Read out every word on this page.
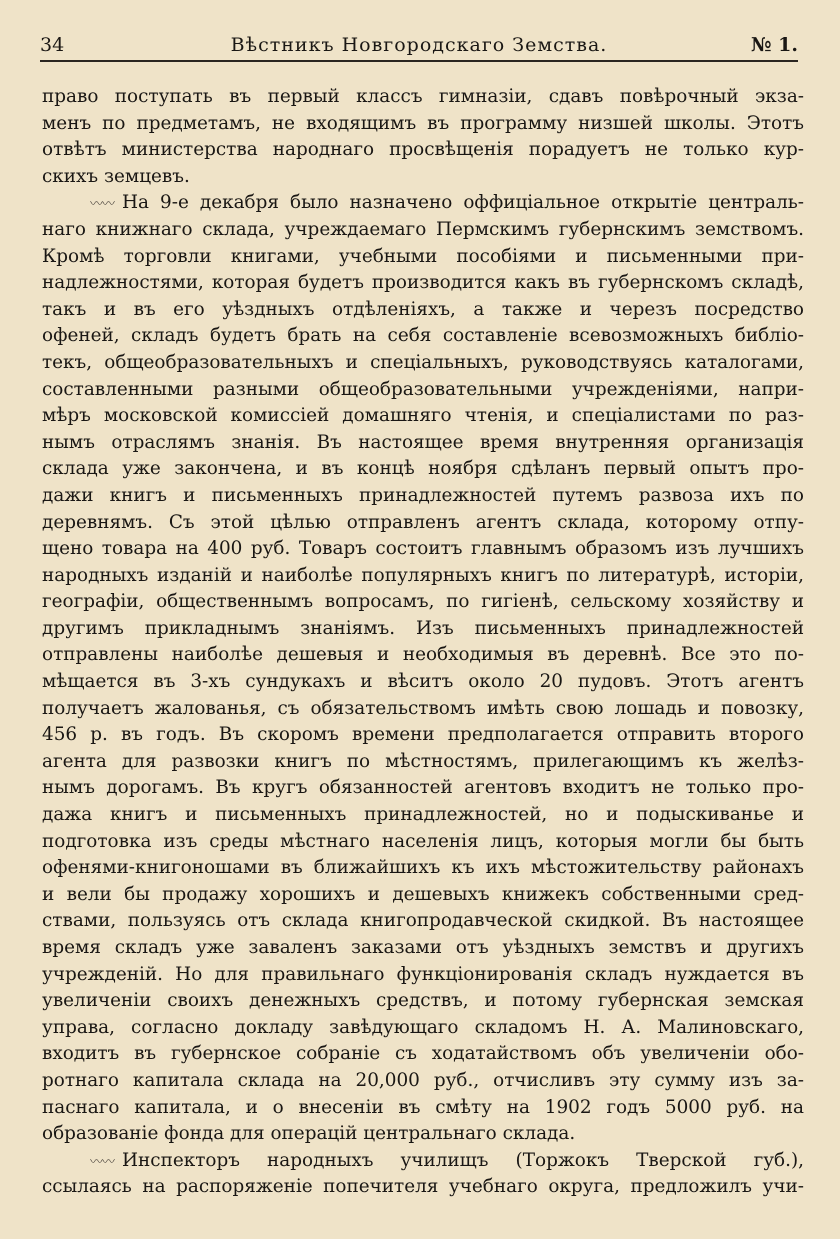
34	Вѣстникъ Новгородскаго Земства.	№ 1.
право поступать въ первый классъ гимназіи, сдавъ повѣрочный экза-
менъ по предметамъ, не входящимъ въ программу низшей школы. Этотъ
отвѣтъ министерства народнаго просвѣщенія порадуетъ не только кур-
скихъ земцевъ.
〰〰 На 9-е декабря было назначено оффиціальное открытіе централь-
наго книжнаго склада, учреждаемаго Пермскимъ губернскимъ земствомъ.
Кромѣ торговли книгами, учебными пособіями и письменными при-
надлежностями, которая будетъ производится какъ въ губернскомъ складѣ,
такъ и въ его уѣздныхъ отдѣленіяхъ, а также и черезъ посредство
офеней, складъ будетъ брать на себя составленіе всевозможныхъ библіо-
текъ, общеобразовательныхъ и спеціальныхъ, руководствуясь каталогами,
составленными разными общеобразовательными учрежденіями, напри-
мѣръ московской комиссіей домашняго чтенія, и спеціалистами по раз-
нымъ отраслямъ знанія. Въ настоящее время внутренняя организація
склада уже закончена, и въ концѣ ноября сдѣланъ первый опытъ про-
дажи книгъ и письменныхъ принадлежностей путемъ развоза ихъ по
деревнямъ. Съ этой цѣлью отправленъ агентъ склада, которому отпу-
щено товара на 400 руб. Товаръ состоитъ главнымъ образомъ изъ лучшихъ
народныхъ изданій и наиболѣе популярныхъ книгъ по литературѣ, исторіи,
географіи, общественнымъ вопросамъ, по гигіенѣ, сельскому хозяйству и
другимъ прикладнымъ знаніямъ. Изъ письменныхъ принадлежностей
отправлены наиболѣе дешевыя и необходимыя въ деревнѣ. Все это по-
мѣщается въ 3-хъ сундукахъ и вѣситъ около 20 пудовъ. Этотъ агентъ
получаетъ жалованья, съ обязательствомъ имѣть свою лошадь и повозку,
456 р. въ годъ. Въ скоромъ времени предполагается отправить второго
агента для развозки книгъ по мѣстностямъ, прилегающимъ къ желѣз-
нымъ дорогамъ. Въ кругъ обязанностей агентовъ входитъ не только про-
дажа книгъ и письменныхъ принадлежностей, но и подыскиванье и
подготовка изъ среды мѣстнаго населенія лицъ, которыя могли бы быть
офенями-книгоношами въ ближайшихъ къ ихъ мѣстожительству районахъ
и вели бы продажу хорошихъ и дешевыхъ книжекъ собственными сред-
ствами, пользуясь отъ склада книгопродавческой скидкой. Въ настоящее
время складъ уже заваленъ заказами отъ уѣздныхъ земствъ и другихъ
учрежденій. Но для правильнаго функціонированія складъ нуждается въ
увеличеніи своихъ денежныхъ средствъ, и потому губернская земская
управа, согласно докладу завѣдующаго складомъ Н. А. Малиновскаго,
входитъ въ губернское собраніе съ ходатайствомъ объ увеличеніи обо-
ротнаго капитала склада на 20,000 руб., отчисливъ эту сумму изъ за-
паснаго капитала, и о внесеніи въ смѣту на 1902 годъ 5000 руб. на
образованіе фонда для операцій центральнаго склада.
〰〰 Инспекторъ народныхъ училищъ (Торжокъ Тверской губ.),
ссылаясь на распоряженіе попечителя учебнаго округа, предложилъ учи-
